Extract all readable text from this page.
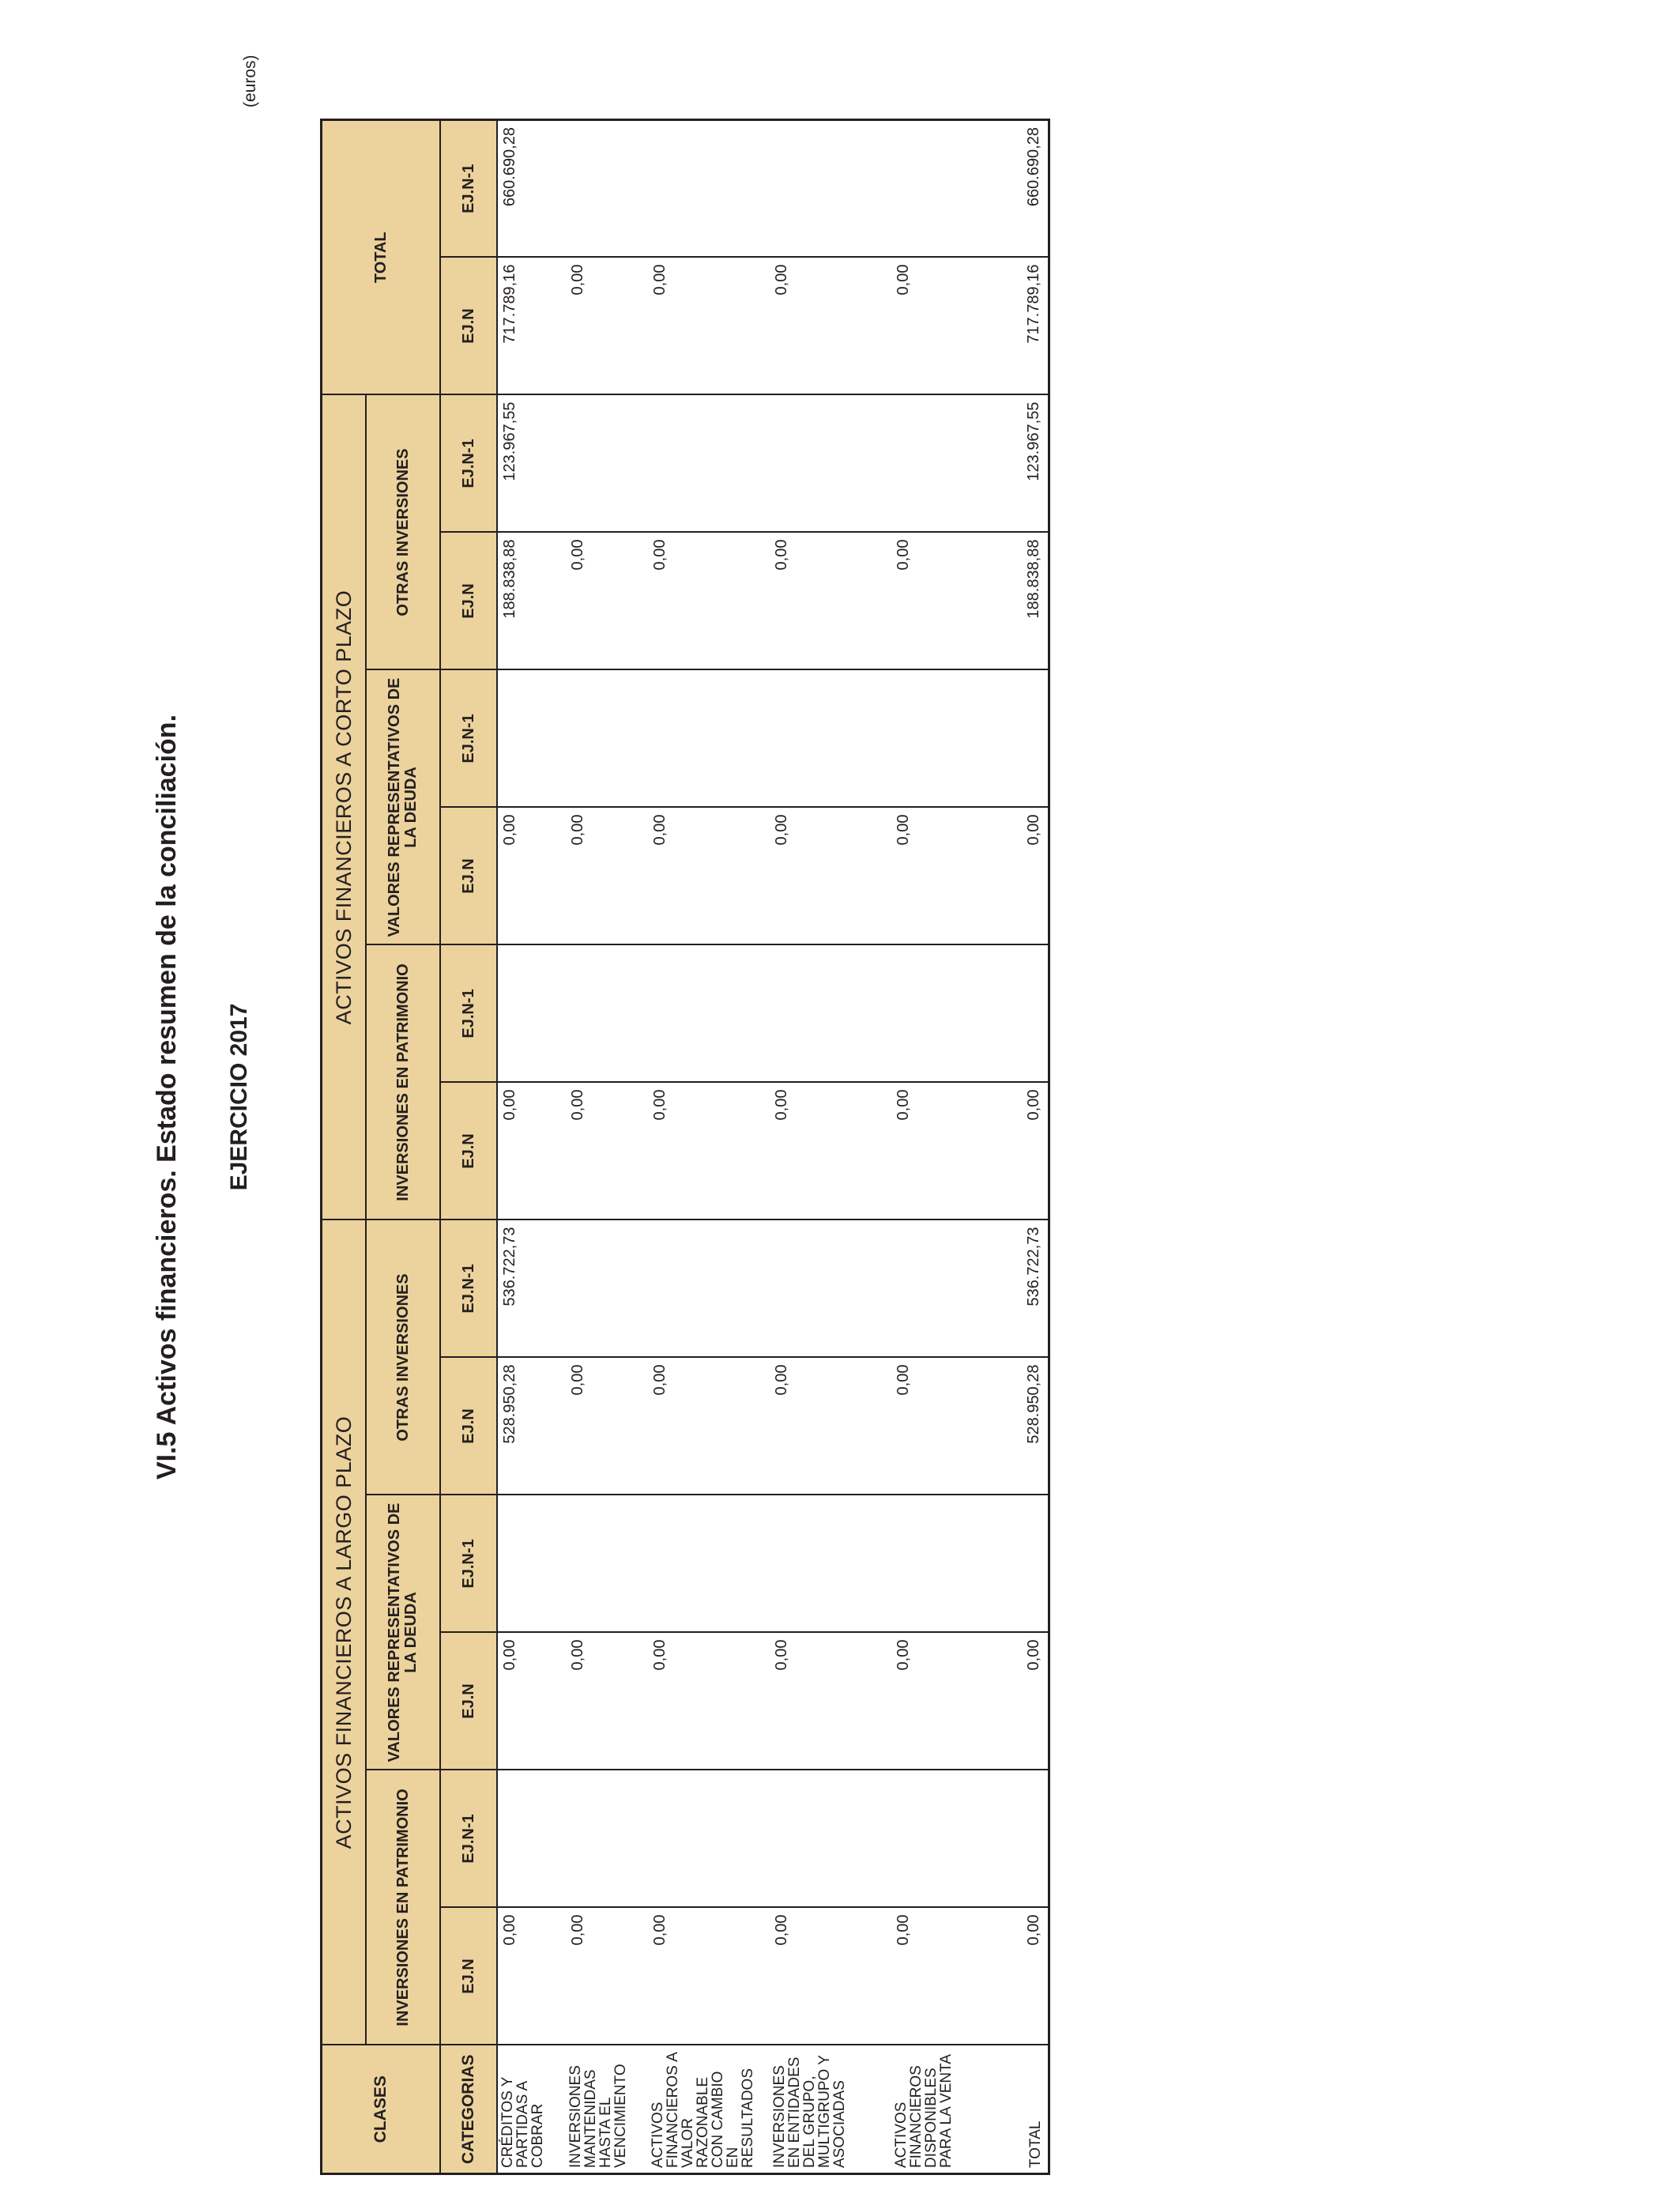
VI.5 Activos financieros. Estado resumen de la conciliación. EJERCICIO 2017
(euros)
CLASES	ACTIVOS FINANCIEROS A LARGO PLAZO						ACTIVOS FINANCIEROS A CORTO PLAZO						TOTAL	
	INVERSIONES EN PATRIMONIO		VALORES REPRESENTATIVOS DE LA DEUDA		OTRAS INVERSIONES		INVERSIONES EN PATRIMONIO		VALORES REPRESENTATIVOS DE LA DEUDA		OTRAS INVERSIONES			
CATEGORIAS	EJ.N	EJ.N-1	EJ.N	EJ.N-1	EJ.N	EJ.N-1	EJ.N	EJ.N-1	EJ.N	EJ.N-1	EJ.N	EJ.N-1	EJ.N	EJ.N-1
CRÉDITOS Y PARTIDAS A COBRAR	0,00		0,00		528.950,28	536.722,73	0,00		0,00		188.838,88	123.967,55	717.789,16	660.690,28
INVERSIONES MANTENIDAS HASTA EL VENCIMIENTO	0,00		0,00		0,00		0,00		0,00		0,00		0,00	
ACTIVOS FINANCIEROS A VALOR RAZONABLE CON CAMBIO EN RESULTADOS	0,00		0,00		0,00		0,00		0,00		0,00		0,00	
INVERSIONES EN ENTIDADES DEL GRUPO, MULTIGRUPO Y ASOCIADAS	0,00		0,00		0,00		0,00		0,00		0,00		0,00	
ACTIVOS FINANCIEROS DISPONIBLES PARA LA VENTA	0,00		0,00		0,00		0,00		0,00		0,00		0,00	
TOTAL	0,00		0,00		528.950,28	536.722,73	0,00		0,00		188.838,88	123.967,55	717.789,16	660.690,28
